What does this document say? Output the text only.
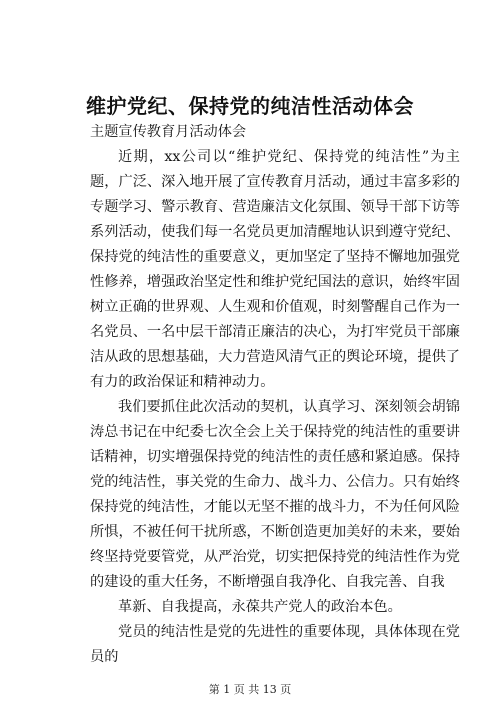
维护党纪、保持党的纯洁性活动体会

主题宣传教育月活动体会

近期，xx公司以“维护党纪、保持党的纯洁性”为主题，广泛、深入地开展了宣传教育月活动，通过丰富多彩的专题学习、警示教育、营造廉洁文化氛围、领导干部下访等系列活动，使我们每一名党员更加清醒地认识到遵守党纪、保持党的纯洁性的重要意义，更加坚定了坚持不懈地加强党性修养，增强政治坚定性和维护党纪国法的意识，始终牢固树立正确的世界观、人生观和价值观，时刻警醒自己作为一名党员、一名中层干部清正廉洁的决心，为打牢党员干部廉洁从政的思想基础，大力营造风清气正的舆论环境，提供了有力的政治保证和精神动力。

我们要抓住此次活动的契机，认真学习、深刻领会胡锦涛总书记在中纪委七次全会上关于保持党的纯洁性的重要讲话精神，切实增强保持党的纯洁性的责任感和紧迫感。保持党的纯洁性，事关党的生命力、战斗力、公信力。只有始终保持党的纯洁性，才能以无坚不摧的战斗力，不为任何风险所惧，不被任何干扰所惑，不断创造更加美好的未来，要始终坚持党要管党，从严治党，切实把保持党的纯洁性作为党的建设的重大任务，不断增强自我净化、自我完善、自我

革新、自我提高，永葆共产党人的政治本色。

党员的纯洁性是党的先进性的重要体现，具体体现在党员的

第 1 页 共 13 页
